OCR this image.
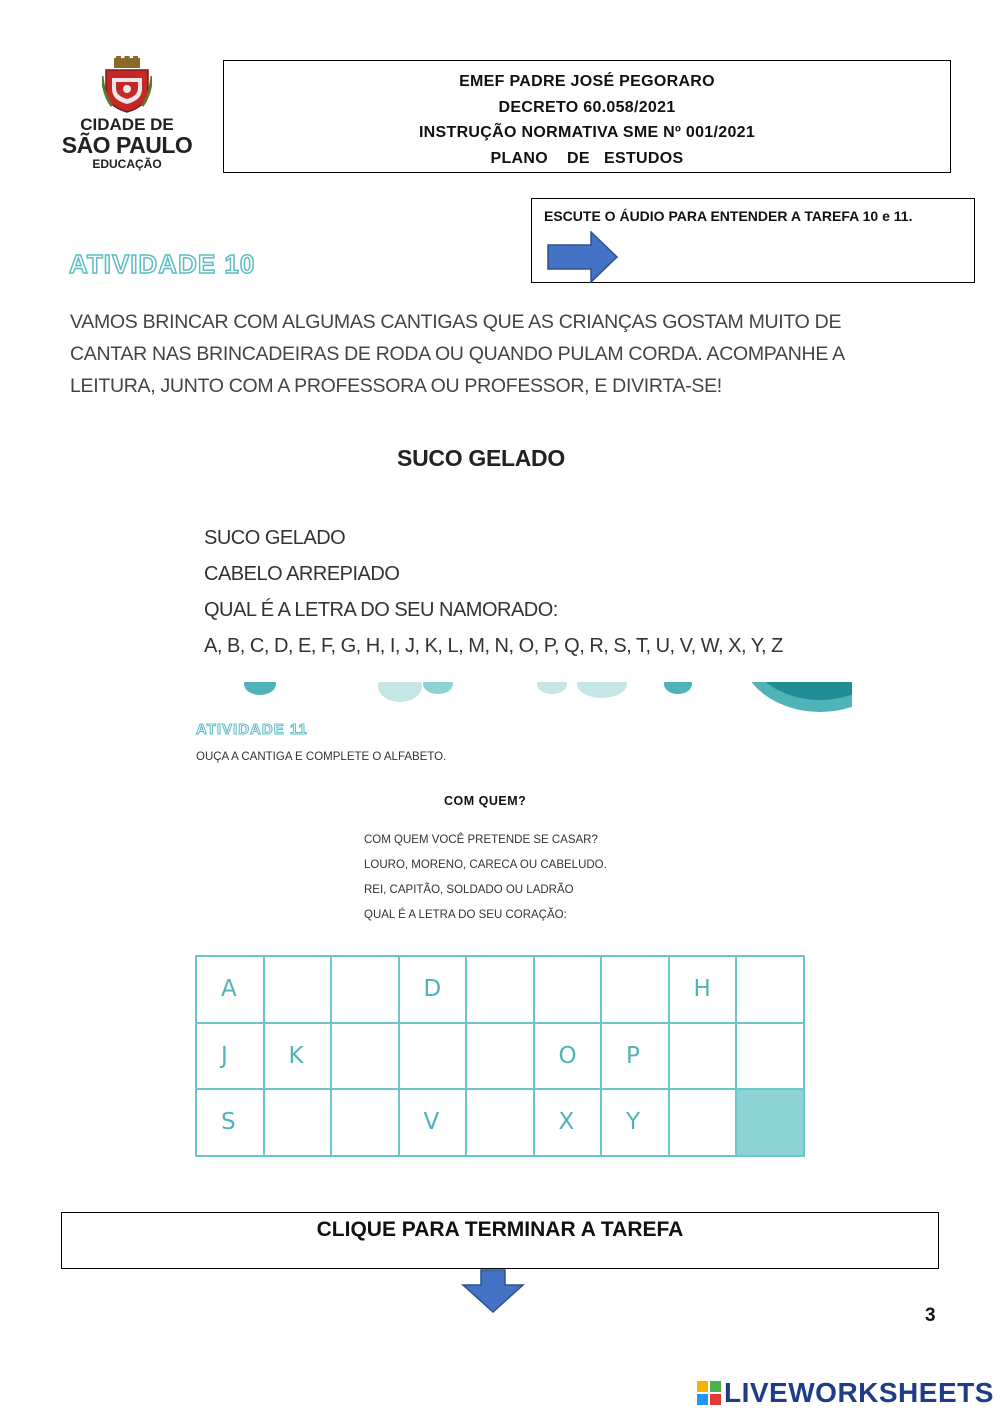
CIDADE DE
SÃO PAULO
EDUCAÇÃO
EMEF PADRE JOSÉ PEGORARO
DECRETO 60.058/2021
INSTRUÇÃO NORMATIVA SME Nº 001/2021
PLANO    DE   ESTUDOS
ESCUTE O ÁUDIO PARA ENTENDER A TAREFA 10 e 11.
ATIVIDADE 10
VAMOS BRINCAR COM ALGUMAS CANTIGAS QUE AS CRIANÇAS GOSTAM MUITO DE
CANTAR NAS BRINCADEIRAS DE RODA OU QUANDO PULAM CORDA. ACOMPANHE A
LEITURA, JUNTO COM A PROFESSORA OU PROFESSOR, E DIVIRTA-SE!
SUCO GELADO
SUCO GELADO
CABELO ARREPIADO
QUAL É A LETRA DO SEU NAMORADO:
A, B, C, D, E, F, G, H, I, J, K, L, M, N, O, P, Q, R, S, T, U, V, W, X, Y, Z
ATIVIDADE 11
OUÇA A CANTIGA E COMPLETE O ALFABETO.
COM QUEM?
COM QUEM VOCÊ PRETENDE SE CASAR?
LOURO, MORENO, CARECA OU CABELUDO.
REI, CAPITÃO, SOLDADO OU LADRÃO
QUAL É A LETRA DO SEU CORAÇÃO:
A			D				H	
J	K				O	P		
S			V		X	Y		
CLIQUE PARA TERMINAR A TAREFA
3
LIVEWORKSHEETS
